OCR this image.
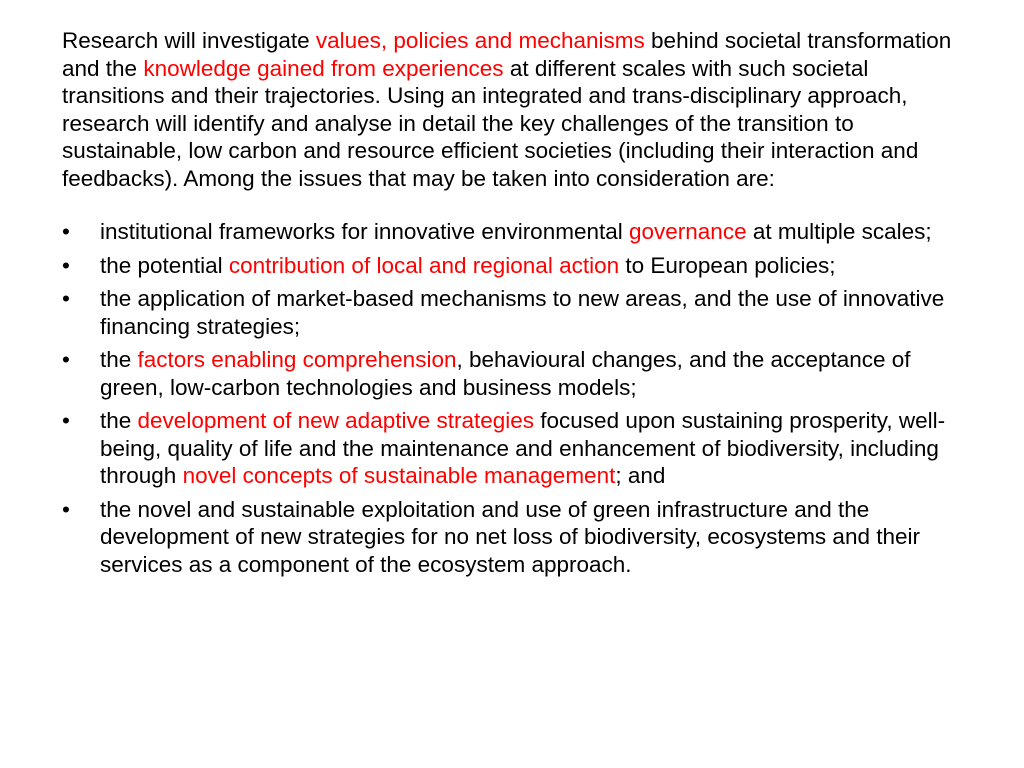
Research will investigate values, policies and mechanisms behind societal transformation and the knowledge gained from experiences at different scales with such societal transitions and their trajectories. Using an integrated and trans-disciplinary approach, research will identify and analyse in detail the key challenges of the transition to sustainable, low carbon and resource efficient societies (including their interaction and feedbacks). Among the issues that may be taken into consideration are:

•	institutional frameworks for innovative environmental governance at multiple scales;
•	the potential contribution of local and regional action to European policies;
•	the application of market-based mechanisms to new areas, and the use of innovative financing strategies;
•	the factors enabling comprehension, behavioural changes, and the acceptance of green, low-carbon technologies and business models;
•	the development of new adaptive strategies focused upon sustaining prosperity, well-being, quality of life and the maintenance and enhancement of biodiversity, including through novel concepts of sustainable management; and
•	the novel and sustainable exploitation and use of green infrastructure and the development of new strategies for no net loss of biodiversity, ecosystems and their services as a component of the ecosystem approach.
